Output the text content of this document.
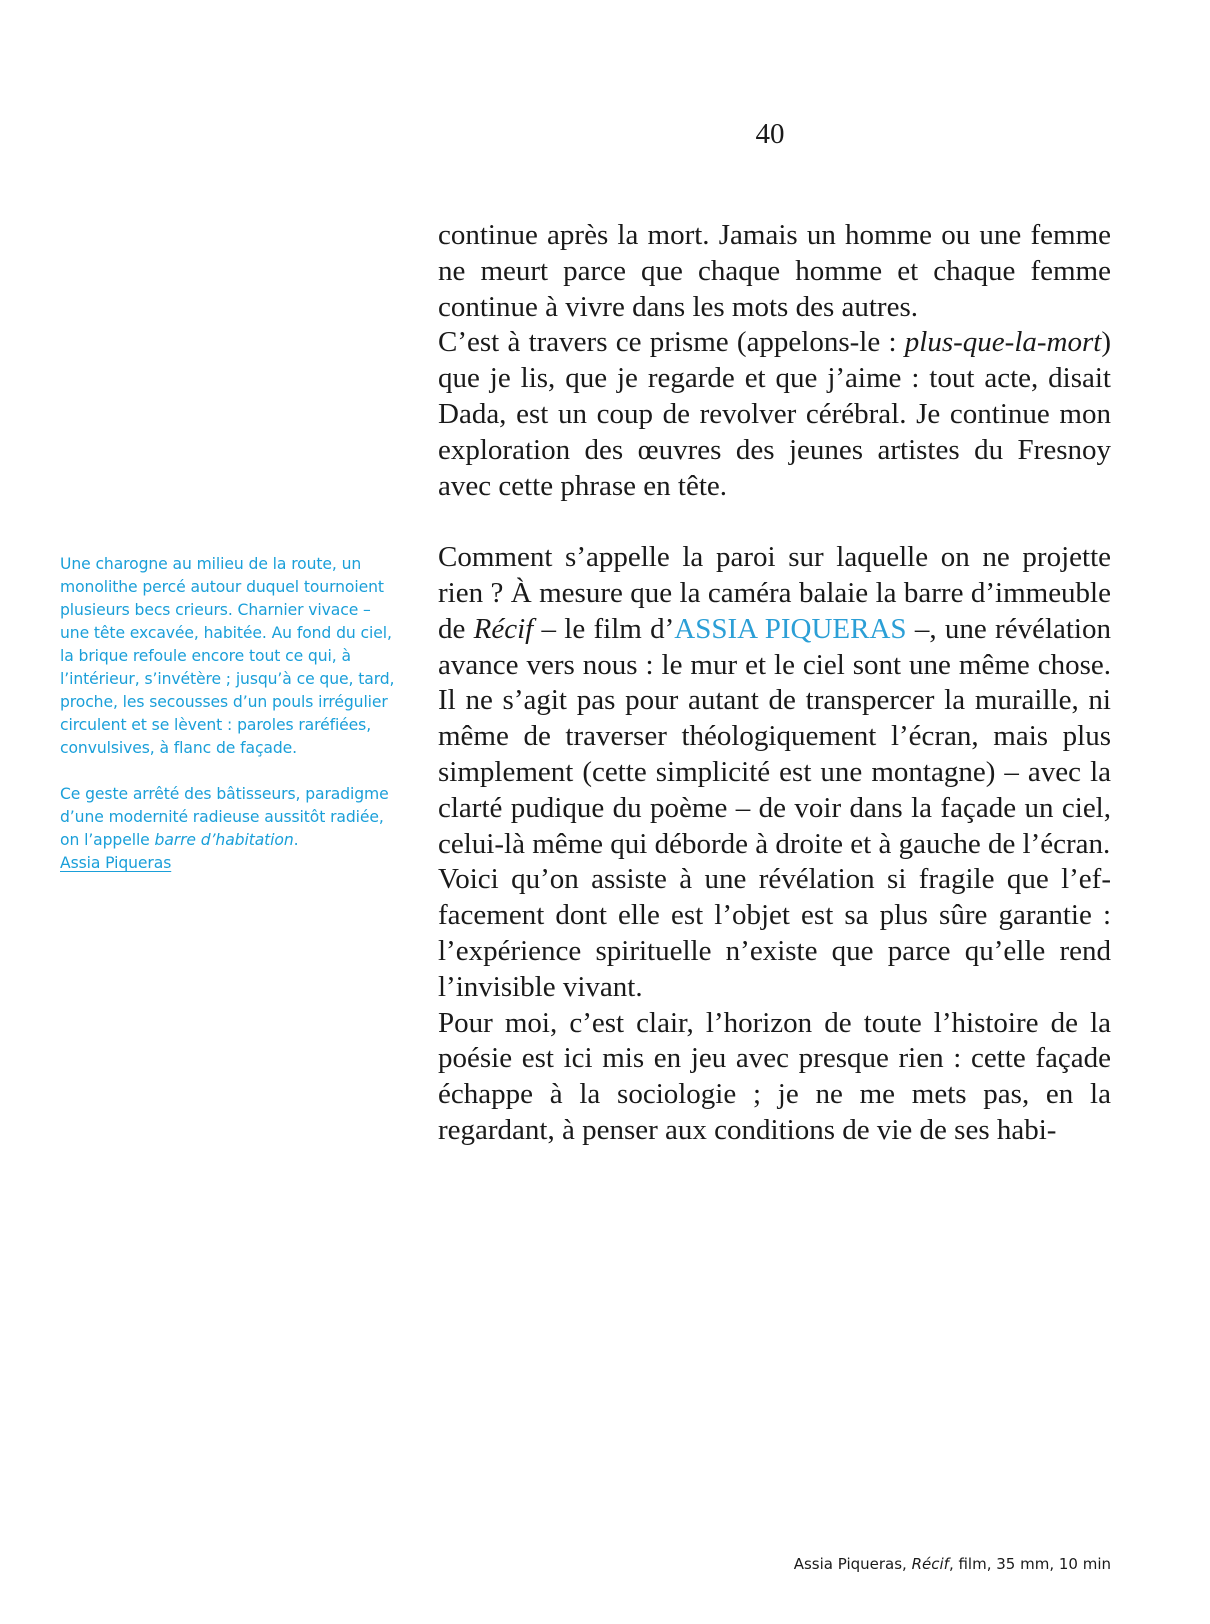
40

Une charogne au milieu de la route, un monolithe percé autour duquel tournoient plusieurs becs crieurs. Charnier vivace – une tête excavée, habitée. Au fond du ciel, la brique refoule encore tout ce qui, à l’intérieur, s’invétère ; jusqu’à ce que, tard, proche, les secousses d’un pouls irrégulier circulent et se lèvent : paroles raréfiées, convulsives, à flanc de façade.

Ce geste arrêté des bâtisseurs, paradigme d’une modernité radieuse aussitôt radiée, on l’appelle barre d’habitation.

Assia Piqueras

continue après la mort. Jamais un homme ou une femme ne meurt parce que chaque homme et chaque femme continue à vivre dans les mots des autres.

C’est à travers ce prisme (appelons-le : plus-que-la-mort) que je lis, que je regarde et que j’aime : tout acte, disait Dada, est un coup de revolver cérébral. Je continue mon exploration des œuvres des jeunes artistes du Fresnoy avec cette phrase en tête.

Comment s’appelle la paroi sur laquelle on ne projette rien ? À mesure que la caméra balaie la barre d’immeuble de Récif – le film d’ASSIA PIQUERAS –, une révélation avance vers nous : le mur et le ciel sont une même chose. Il ne s’agit pas pour autant de transpercer la muraille, ni même de traverser théologiquement l’écran, mais plus simplement (cette simplicité est une montagne) – avec la clarté pudique du poème – de voir dans la façade un ciel, celui-là même qui déborde à droite et à gauche de l’écran.

Voici qu’on assiste à une révélation si fragile que l’effacement dont elle est l’objet est sa plus sûre garantie : l’expérience spirituelle n’existe que parce qu’elle rend l’invisible vivant.

Pour moi, c’est clair, l’horizon de toute l’histoire de la poésie est ici mis en jeu avec presque rien : cette façade échappe à la sociologie ; je ne me mets pas, en la regardant, à penser aux conditions de vie de ses habi-

Assia Piqueras, Récif, film, 35 mm, 10 min
